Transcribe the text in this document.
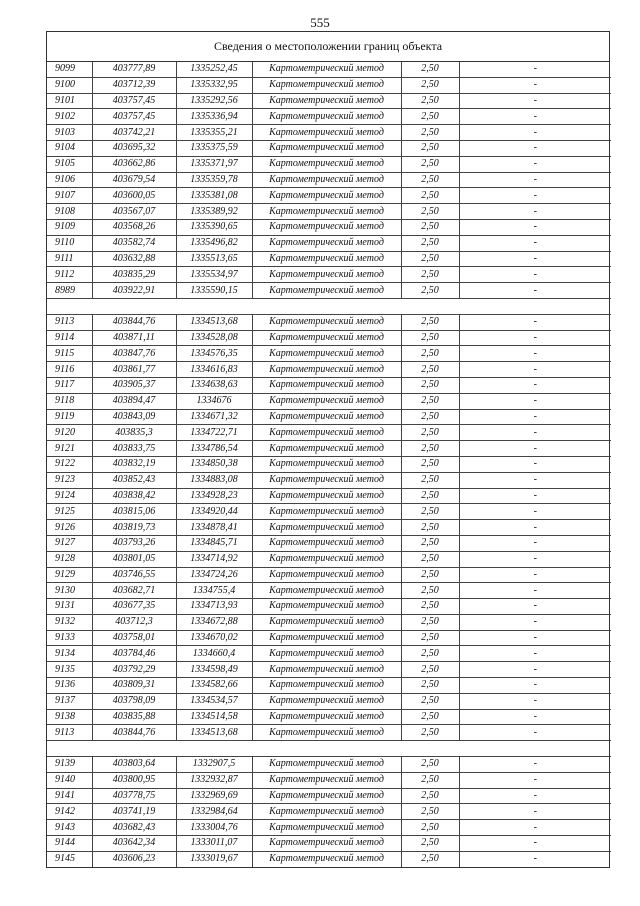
555
Сведения о местоположении границ объекта
9099	403777,89	1335252,45	Картометрический метод	2,50	-
9100	403712,39	1335332,95	Картометрический метод	2,50	-
9101	403757,45	1335292,56	Картометрический метод	2,50	-
9102	403757,45	1335336,94	Картометрический метод	2,50	-
9103	403742,21	1335355,21	Картометрический метод	2,50	-
9104	403695,32	1335375,59	Картометрический метод	2,50	-
9105	403662,86	1335371,97	Картометрический метод	2,50	-
9106	403679,54	1335359,78	Картометрический метод	2,50	-
9107	403600,05	1335381,08	Картометрический метод	2,50	-
9108	403567,07	1335389,92	Картометрический метод	2,50	-
9109	403568,26	1335390,65	Картометрический метод	2,50	-
9110	403582,74	1335496,82	Картометрический метод	2,50	-
9111	403632,88	1335513,65	Картометрический метод	2,50	-
9112	403835,29	1335534,97	Картометрический метод	2,50	-
8989	403922,91	1335590,15	Картометрический метод	2,50	-

9113	403844,76	1334513,68	Картометрический метод	2,50	-
9114	403871,11	1334528,08	Картометрический метод	2,50	-
9115	403847,76	1334576,35	Картометрический метод	2,50	-
9116	403861,77	1334616,83	Картометрический метод	2,50	-
9117	403905,37	1334638,63	Картометрический метод	2,50	-
9118	403894,47	1334676	Картометрический метод	2,50	-
9119	403843,09	1334671,32	Картометрический метод	2,50	-
9120	403835,3	1334722,71	Картометрический метод	2,50	-
9121	403833,75	1334786,54	Картометрический метод	2,50	-
9122	403832,19	1334850,38	Картометрический метод	2,50	-
9123	403852,43	1334883,08	Картометрический метод	2,50	-
9124	403838,42	1334928,23	Картометрический метод	2,50	-
9125	403815,06	1334920,44	Картометрический метод	2,50	-
9126	403819,73	1334878,41	Картометрический метод	2,50	-
9127	403793,26	1334845,71	Картометрический метод	2,50	-
9128	403801,05	1334714,92	Картометрический метод	2,50	-
9129	403746,55	1334724,26	Картометрический метод	2,50	-
9130	403682,71	1334755,4	Картометрический метод	2,50	-
9131	403677,35	1334713,93	Картометрический метод	2,50	-
9132	403712,3	1334672,88	Картометрический метод	2,50	-
9133	403758,01	1334670,02	Картометрический метод	2,50	-
9134	403784,46	1334660,4	Картометрический метод	2,50	-
9135	403792,29	1334598,49	Картометрический метод	2,50	-
9136	403809,31	1334582,66	Картометрический метод	2,50	-
9137	403798,09	1334534,57	Картометрический метод	2,50	-
9138	403835,88	1334514,58	Картометрический метод	2,50	-
9113	403844,76	1334513,68	Картометрический метод	2,50	-

9139	403803,64	1332907,5	Картометрический метод	2,50	-
9140	403800,95	1332932,87	Картометрический метод	2,50	-
9141	403778,75	1332969,69	Картометрический метод	2,50	-
9142	403741,19	1332984,64	Картометрический метод	2,50	-
9143	403682,43	1333004,76	Картометрический метод	2,50	-
9144	403642,34	1333011,07	Картометрический метод	2,50	-
9145	403606,23	1333019,67	Картометрический метод	2,50	-
